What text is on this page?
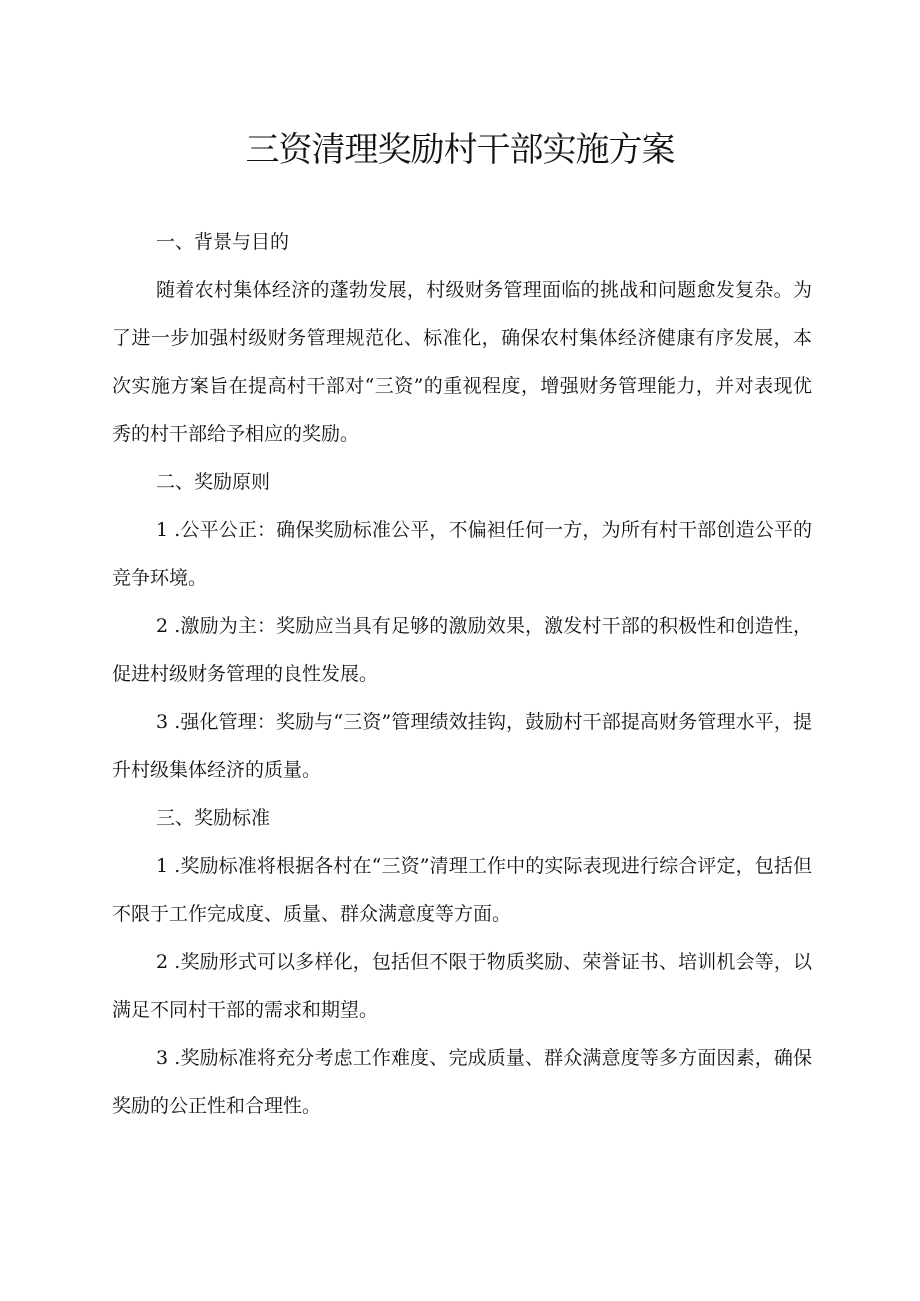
三资清理奖励村干部实施方案

一、背景与目的

随着农村集体经济的蓬勃发展，村级财务管理面临的挑战和问题愈发复杂。为了进一步加强村级财务管理规范化、标准化，确保农村集体经济健康有序发展，本次实施方案旨在提高村干部对“三资”的重视程度，增强财务管理能力，并对表现优秀的村干部给予相应的奖励。

二、奖励原则

1 .公平公正：确保奖励标准公平，不偏袒任何一方，为所有村干部创造公平的竞争环境。

2 .激励为主：奖励应当具有足够的激励效果，激发村干部的积极性和创造性，促进村级财务管理的良性发展。

3 .强化管理：奖励与“三资”管理绩效挂钩，鼓励村干部提高财务管理水平，提升村级集体经济的质量。

三、奖励标准

1 .奖励标准将根据各村在“三资”清理工作中的实际表现进行综合评定，包括但不限于工作完成度、质量、群众满意度等方面。

2 .奖励形式可以多样化，包括但不限于物质奖励、荣誉证书、培训机会等，以满足不同村干部的需求和期望。

3 .奖励标准将充分考虑工作难度、完成质量、群众满意度等多方面因素，确保奖励的公正性和合理性。
